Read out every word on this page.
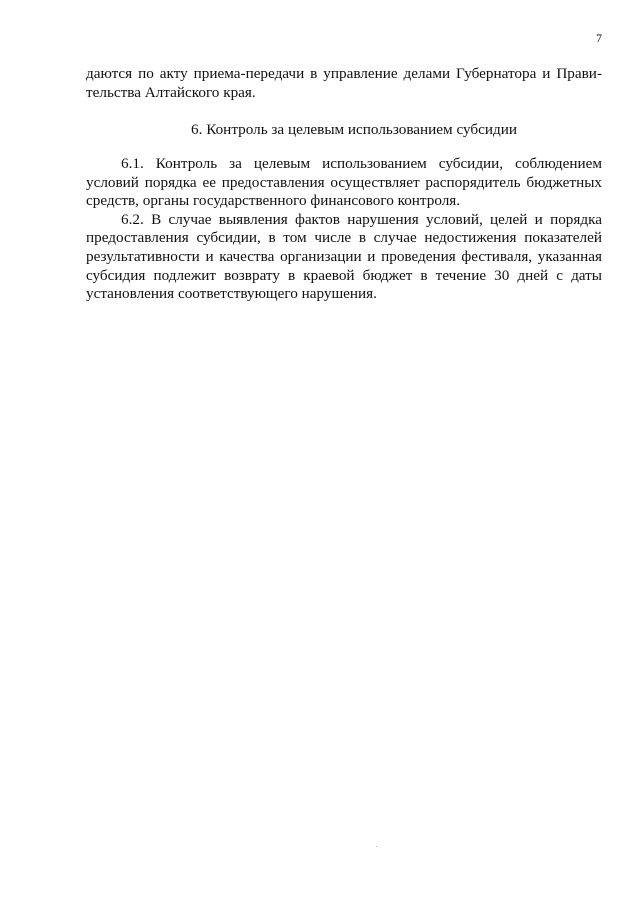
7
даются по акту приема-передачи в управление делами Губернатора и Прави-
тельства Алтайского края.
6. Контроль за целевым использованием субсидии
6.1. Контроль за целевым использованием субсидии, соблюдением
условий порядка ее предоставления осуществляет распорядитель бюджетных
средств, органы государственного финансового контроля.
6.2. В случае выявления фактов нарушения условий, целей и порядка
предоставления субсидии, в том числе в случае недостижения показателей
результативности и качества организации и проведения фестиваля, указанная
субсидия подлежит возврату в краевой бюджет в течение 30 дней с даты
установления соответствующего нарушения.
